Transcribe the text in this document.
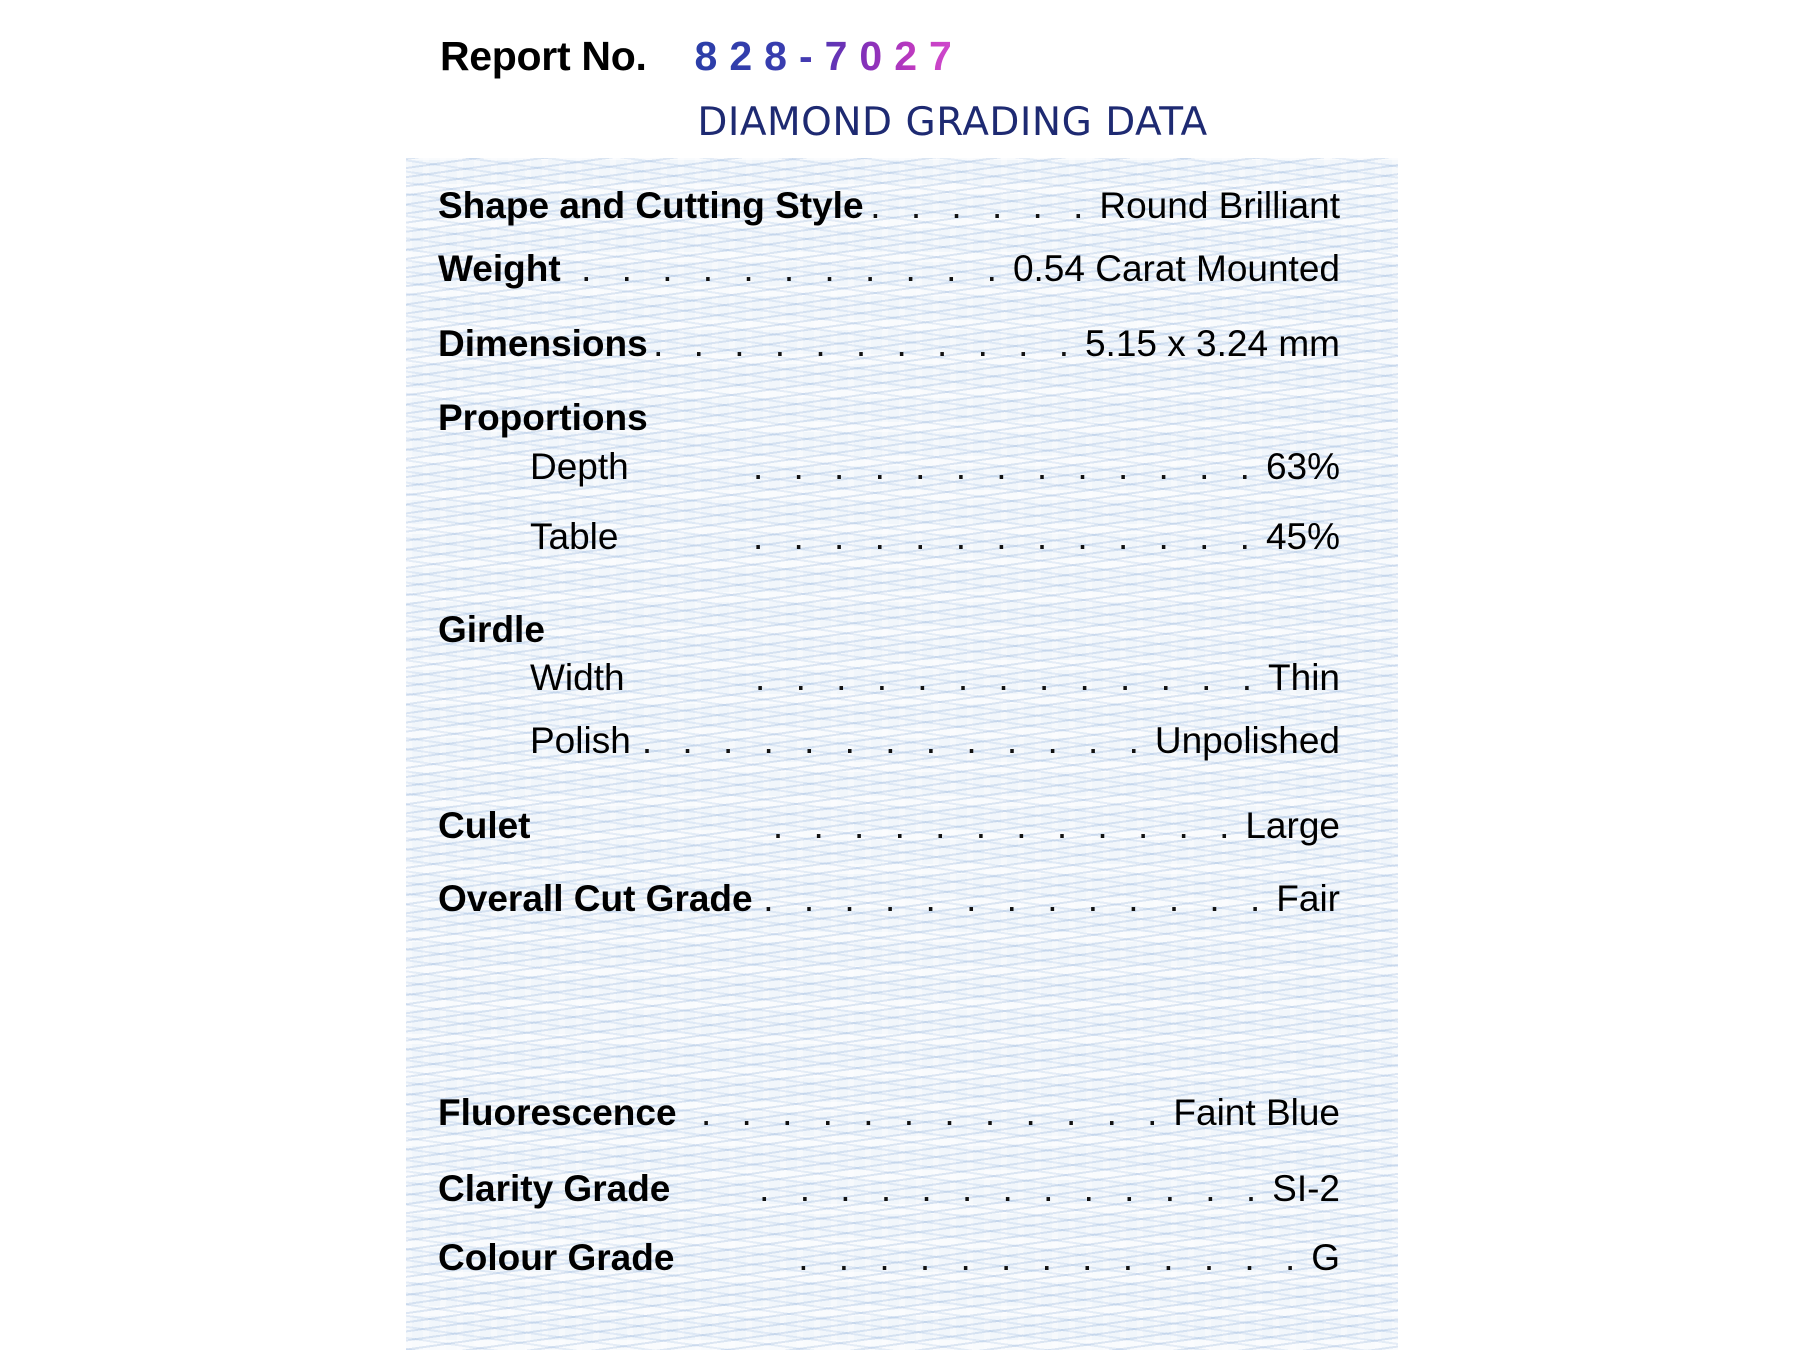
Report No. 828-7027
DIAMOND GRADING DATA
Shape and Cutting Style . . .	Round Brilliant
Weight . . .	0.54 Carat Mounted
Dimensions . . .	5.15 x 3.24 mm
Proportions
Depth . . .	63%
Table . . .	45%
Girdle
Width . . .	Thin
Polish . . .	Unpolished
Culet . . .	Large
Overall Cut Grade . . .	Fair
Fluorescence . . .	Faint Blue
Clarity Grade . . .	SI-2
Colour Grade . . .	G
